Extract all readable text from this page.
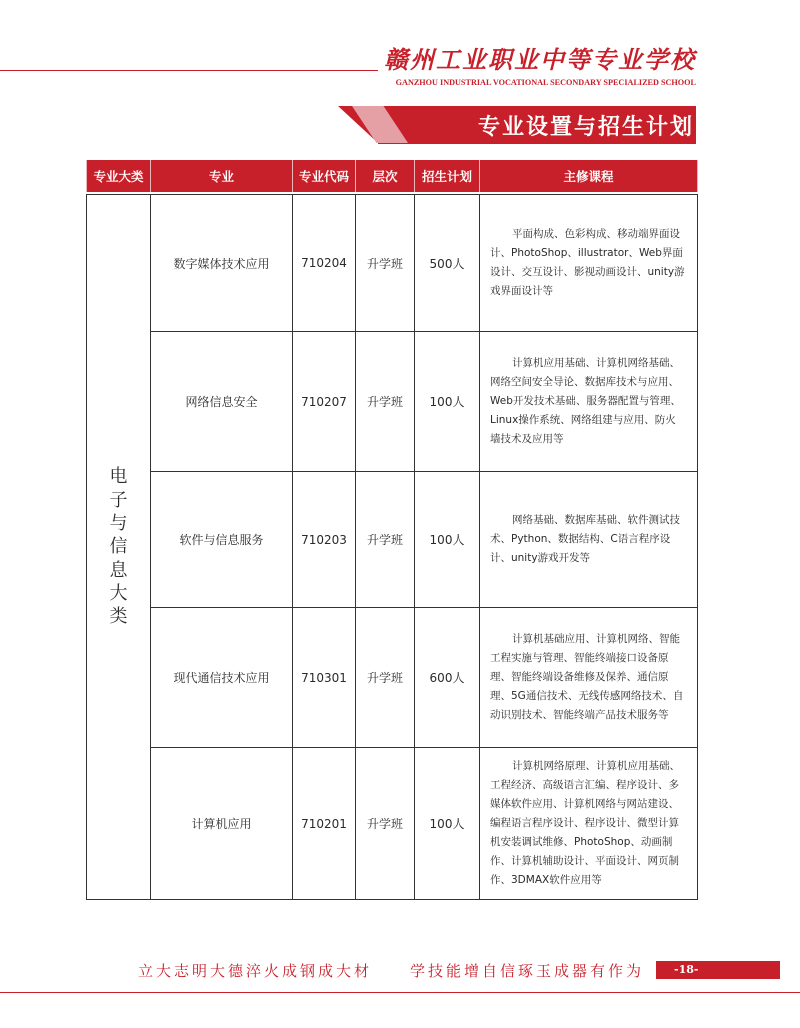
赣州工业职业中等专业学校
GANZHOU INDUSTRIAL VOCATIONAL SECONDARY SPECIALIZED SCHOOL
专业设置与招生计划
专业大类	专业	专业代码	层次	招生计划	主修课程

电子与信息大类	数字媒体技术应用	710204	升学班	500人	平面构成、色彩构成、移动端界面设计、PhotoShop、illustrator、Web界面设计、交互设计、影视动画设计、unity游戏界面设计等
	网络信息安全	710207	升学班	100人	计算机应用基础、计算机网络基础、网络空间安全导论、数据库技术与应用、Web开发技术基础、服务器配置与管理、Linux操作系统、网络组建与应用、防火墙技术及应用等
	软件与信息服务	710203	升学班	100人	网络基础、数据库基础、软件测试技术、Python、数据结构、C语言程序设计、unity游戏开发等
	现代通信技术应用	710301	升学班	600人	计算机基础应用、计算机网络、智能工程实施与管理、智能终端接口设备原理、智能终端设备维修及保养、通信原理、5G通信技术、无线传感网络技术、自动识别技术、智能终端产品技术服务等
	计算机应用	710201	升学班	100人	计算机网络原理、计算机应用基础、工程经济、高级语言汇编、程序设计、多媒体软件应用、计算机网络与网站建设、编程语言程序设计、程序设计、微型计算机安装调试维修、PhotoShop、动画制作、计算机辅助设计、平面设计、网页制作、3DMAX软件应用等
立大志明大德淬火成钢成大材	学技能增自信琢玉成器有作为	-18-
